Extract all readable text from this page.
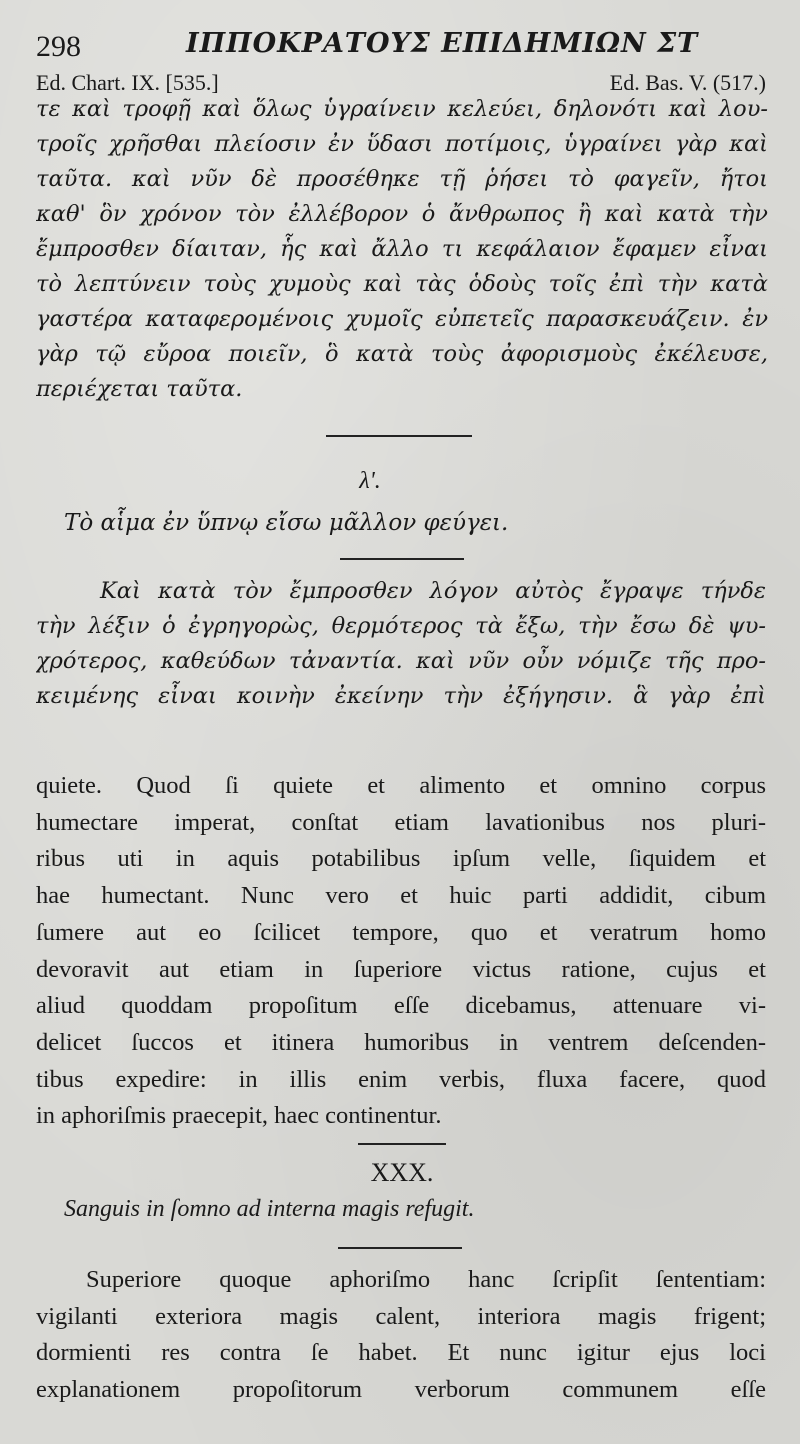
298	ΙΠΠΟΚΡΑΤΟΥΣ ΕΠΙΔΗΜΙΩΝ ΣΤ
Ed. Chart. IX. [535.]	Ed. Bas. V. (517.)
τε καὶ τροφῇ καὶ ὅλως ὑγραίνειν κελεύει, δηλονότι καὶ λου-
τροῖς χρῆσθαι πλείοσιν ἐν ὕδασι ποτίμοις, ὑγραίνει γὰρ καὶ
ταῦτα. καὶ νῦν δὲ προσέθηκε τῇ ῥήσει τὸ φαγεῖν, ἤτοι
καθ' ὃν χρόνον τὸν ἐλλέβορον ὁ ἄνθρωπος ἢ καὶ κατὰ τὴν
ἔμπροσθεν δίαιταν, ἧς καὶ ἄλλο τι κεφάλαιον ἔφαμεν εἶναι
τὸ λεπτύνειν τοὺς χυμοὺς καὶ τὰς ὁδοὺς τοῖς ἐπὶ τὴν κατὰ
γαστέρα καταφερομένοις χυμοῖς εὐπετεῖς παρασκευάζειν. ἐν
γὰρ τῷ εὔροα ποιεῖν, ὃ κατὰ τοὺς ἀφορισμοὺς ἐκέλευσε,
περιέχεται ταῦτα.
λ'.
Τὸ αἷμα ἐν ὕπνῳ εἴσω μᾶλλον φεύγει.
Καὶ κατὰ τὸν ἔμπροσθεν λόγον αὐτὸς ἔγραψε τήνδε
τὴν λέξιν ὁ ἐγρηγορὼς, θερμότερος τὰ ἔξω, τὴν ἔσω δὲ ψυ-
χρότερος, καθεύδων τἀναντία. καὶ νῦν οὖν νόμιζε τῆς προ-
κειμένης εἶναι κοινὴν ἐκείνην τὴν ἐξήγησιν. ἃ γὰρ ἐπὶ
quiete. Quod ſi quiete et alimento et omnino corpus
humectare imperat, conſtat etiam lavationibus nos pluri-
ribus uti in aquis potabilibus ipſum velle, ſiquidem et
hae humectant. Nunc vero et huic parti addidit, cibum
ſumere aut eo ſcilicet tempore, quo et veratrum homo
devoravit aut etiam in ſuperiore victus ratione, cujus et
aliud quoddam propoſitum eſſe dicebamus, attenuare vi-
delicet ſuccos et itinera humoribus in ventrem deſcenden-
tibus expedire: in illis enim verbis, fluxa facere, quod
in aphoriſmis praecepit, haec continentur.
XXX.
Sanguis in ſomno ad interna magis refugit.
Superiore quoque aphoriſmo hanc ſcripſit ſententiam:
vigilanti exteriora magis calent, interiora magis frigent;
dormienti res contra ſe habet. Et nunc igitur ejus loci
explanationem propoſitorum verborum communem eſſe
